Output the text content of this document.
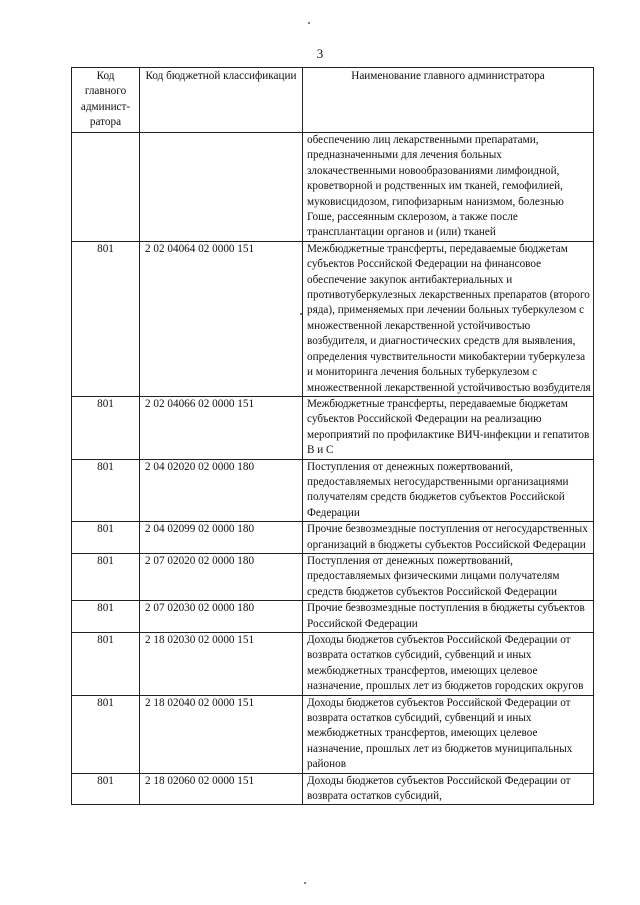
3
Код главного админист-ратора	Код бюджетной классификации	Наименование главного администратора

		обеспечению лиц лекарственными препаратами, предназначенными для лечения больных злокачественными новообразованиями лимфоидной, кроветворной и родственных им тканей, гемофилией, муковисцидозом, гипофизарным нанизмом, болезнью Гоше, рассеянным склерозом, а также после трансплантации органов и (или) тканей

801	2 02 04064 02 0000 151	Межбюджетные трансферты, передаваемые бюджетам субъектов Российской Федерации на финансовое обеспечение закупок антибактериальных и противотуберкулезных лекарственных препаратов (второго ряда), применяемых при лечении больных туберкулезом с множественной лекарственной устойчивостью возбудителя, и диагностических средств для выявления, определения чувствительности микобактерии туберкулеза и мониторинга лечения больных туберкулезом с множественной лекарственной устойчивостью возбудителя

801	2 02 04066 02 0000 151	Межбюджетные трансферты, передаваемые бюджетам субъектов Российской Федерации на реализацию мероприятий по профилактике ВИЧ-инфекции и гепатитов B и C

801	2 04 02020 02 0000 180	Поступления от денежных пожертвований, предоставляемых негосударственными организациями получателям средств бюджетов субъектов Российской Федерации

801	2 04 02099 02 0000 180	Прочие безвозмездные поступления от негосударственных организаций в бюджеты субъектов Российской Федерации

801	2 07 02020 02 0000 180	Поступления от денежных пожертвований, предоставляемых физическими лицами получателям средств бюджетов субъектов Российской Федерации

801	2 07 02030 02 0000 180	Прочие безвозмездные поступления в бюджеты субъектов Российской Федерации

801	2 18 02030 02 0000 151	Доходы бюджетов субъектов Российской Федерации от возврата остатков субсидий, субвенций и иных межбюджетных трансфертов, имеющих целевое назначение, прошлых лет из бюджетов городских округов

801	2 18 02040 02 0000 151	Доходы бюджетов субъектов Российской Федерации от возврата остатков субсидий, субвенций и иных межбюджетных трансфертов, имеющих целевое назначение, прошлых лет из бюджетов муниципальных районов

801	2 18 02060 02 0000 151	Доходы бюджетов субъектов Российской Федерации от возврата остатков субсидий,
